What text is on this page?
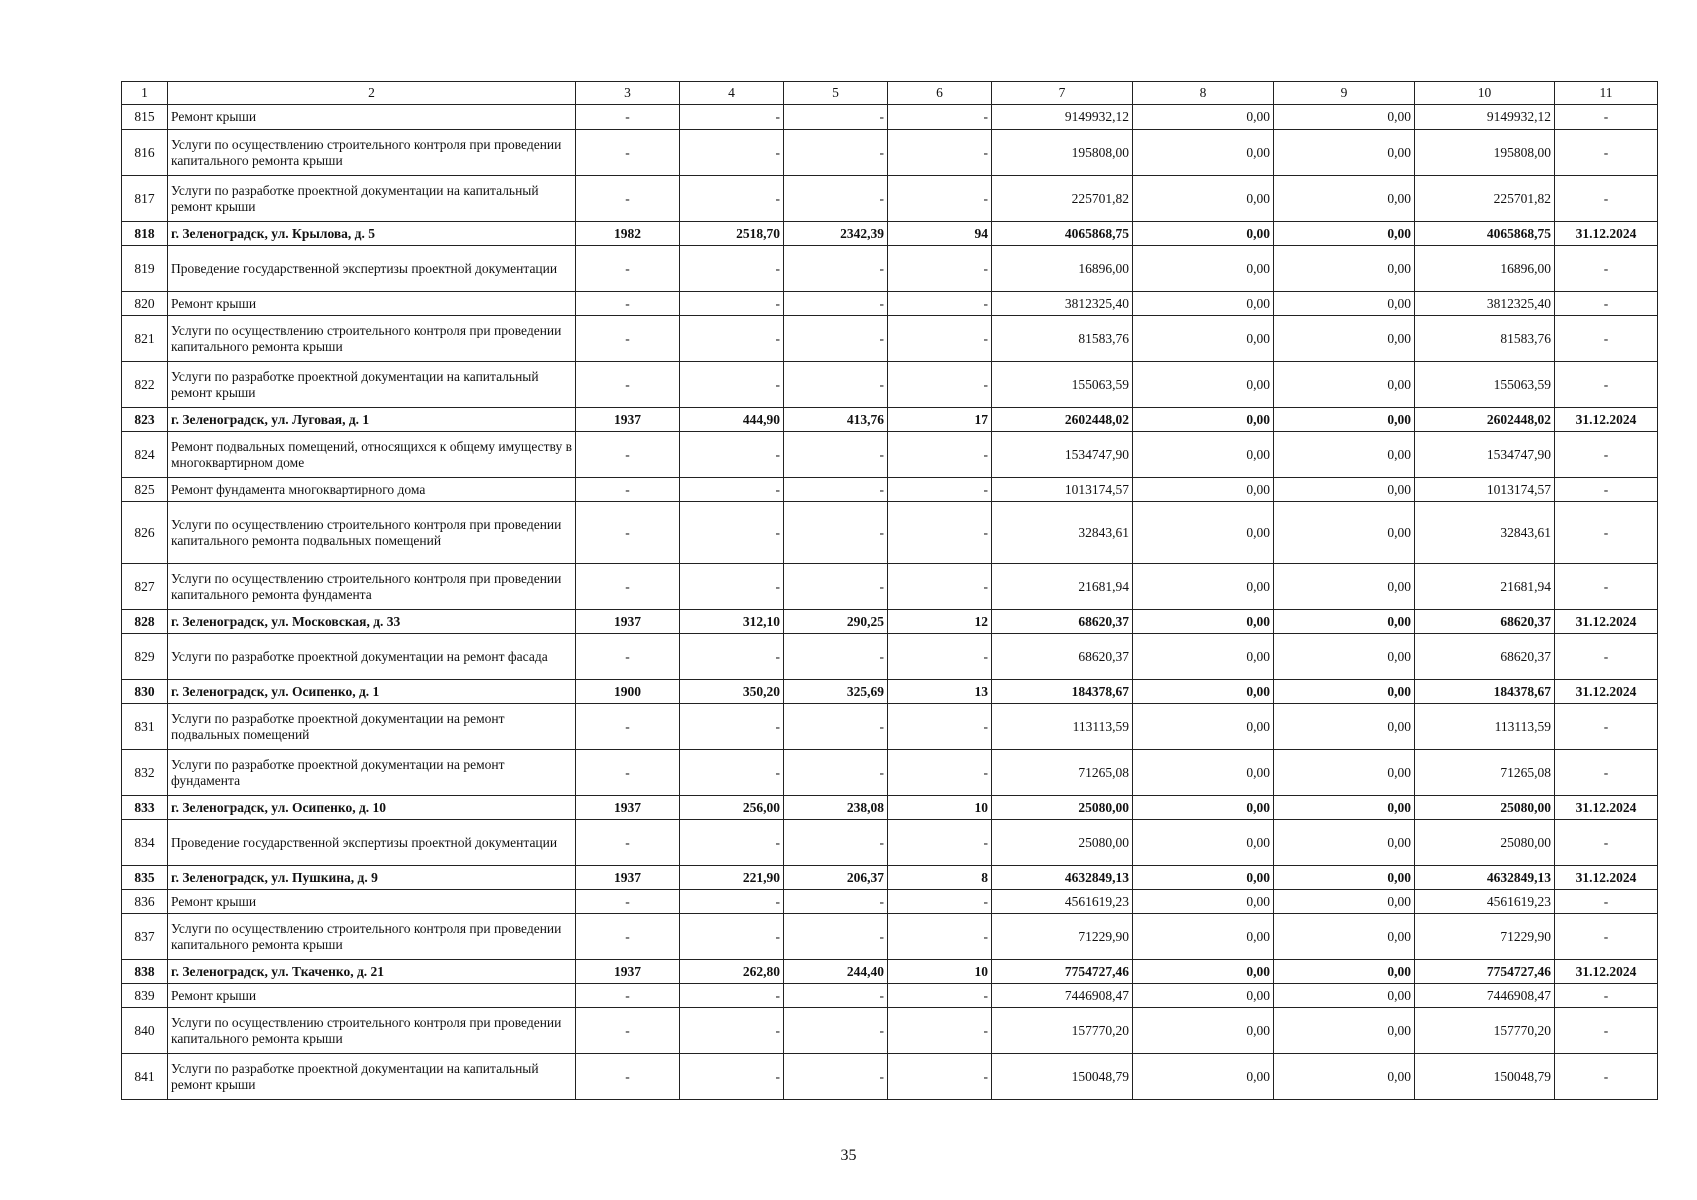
1	2	3	4	5	6	7	8	9	10	11
815	Ремонт крыши	-	-	-	-	9149932,12	0,00	0,00	9149932,12	-
816	Услуги по осуществлению строительного контроля при проведении капитального ремонта крыши	-	-	-	-	195808,00	0,00	0,00	195808,00	-
817	Услуги по разработке проектной документации на капитальный ремонт крыши	-	-	-	-	225701,82	0,00	0,00	225701,82	-
818	г. Зеленоградск, ул. Крылова, д. 5	1982	2518,70	2342,39	94	4065868,75	0,00	0,00	4065868,75	31.12.2024
819	Проведение государственной экспертизы проектной документации	-	-	-	-	16896,00	0,00	0,00	16896,00	-
820	Ремонт крыши	-	-	-	-	3812325,40	0,00	0,00	3812325,40	-
821	Услуги по осуществлению строительного контроля при проведении капитального ремонта крыши	-	-	-	-	81583,76	0,00	0,00	81583,76	-
822	Услуги по разработке проектной документации на капитальный ремонт крыши	-	-	-	-	155063,59	0,00	0,00	155063,59	-
823	г. Зеленоградск, ул. Луговая, д. 1	1937	444,90	413,76	17	2602448,02	0,00	0,00	2602448,02	31.12.2024
824	Ремонт подвальных помещений, относящихся к общему имуществу в многоквартирном доме	-	-	-	-	1534747,90	0,00	0,00	1534747,90	-
825	Ремонт фундамента многоквартирного дома	-	-	-	-	1013174,57	0,00	0,00	1013174,57	-
826	Услуги по осуществлению строительного контроля при проведении капитального ремонта подвальных помещений	-	-	-	-	32843,61	0,00	0,00	32843,61	-
827	Услуги по осуществлению строительного контроля при проведении капитального ремонта фундамента	-	-	-	-	21681,94	0,00	0,00	21681,94	-
828	г. Зеленоградск, ул. Московская, д. 33	1937	312,10	290,25	12	68620,37	0,00	0,00	68620,37	31.12.2024
829	Услуги по разработке проектной документации на ремонт фасада	-	-	-	-	68620,37	0,00	0,00	68620,37	-
830	г. Зеленоградск, ул. Осипенко, д. 1	1900	350,20	325,69	13	184378,67	0,00	0,00	184378,67	31.12.2024
831	Услуги по разработке проектной документации на ремонт подвальных помещений	-	-	-	-	113113,59	0,00	0,00	113113,59	-
832	Услуги по разработке проектной документации на ремонт фундамента	-	-	-	-	71265,08	0,00	0,00	71265,08	-
833	г. Зеленоградск, ул. Осипенко, д. 10	1937	256,00	238,08	10	25080,00	0,00	0,00	25080,00	31.12.2024
834	Проведение государственной экспертизы проектной документации	-	-	-	-	25080,00	0,00	0,00	25080,00	-
835	г. Зеленоградск, ул. Пушкина, д. 9	1937	221,90	206,37	8	4632849,13	0,00	0,00	4632849,13	31.12.2024
836	Ремонт крыши	-	-	-	-	4561619,23	0,00	0,00	4561619,23	-
837	Услуги по осуществлению строительного контроля при проведении капитального ремонта крыши	-	-	-	-	71229,90	0,00	0,00	71229,90	-
838	г. Зеленоградск, ул. Ткаченко, д. 21	1937	262,80	244,40	10	7754727,46	0,00	0,00	7754727,46	31.12.2024
839	Ремонт крыши	-	-	-	-	7446908,47	0,00	0,00	7446908,47	-
840	Услуги по осуществлению строительного контроля при проведении капитального ремонта крыши	-	-	-	-	157770,20	0,00	0,00	157770,20	-
841	Услуги по разработке проектной документации на капитальный ремонт крыши	-	-	-	-	150048,79	0,00	0,00	150048,79	-
35
